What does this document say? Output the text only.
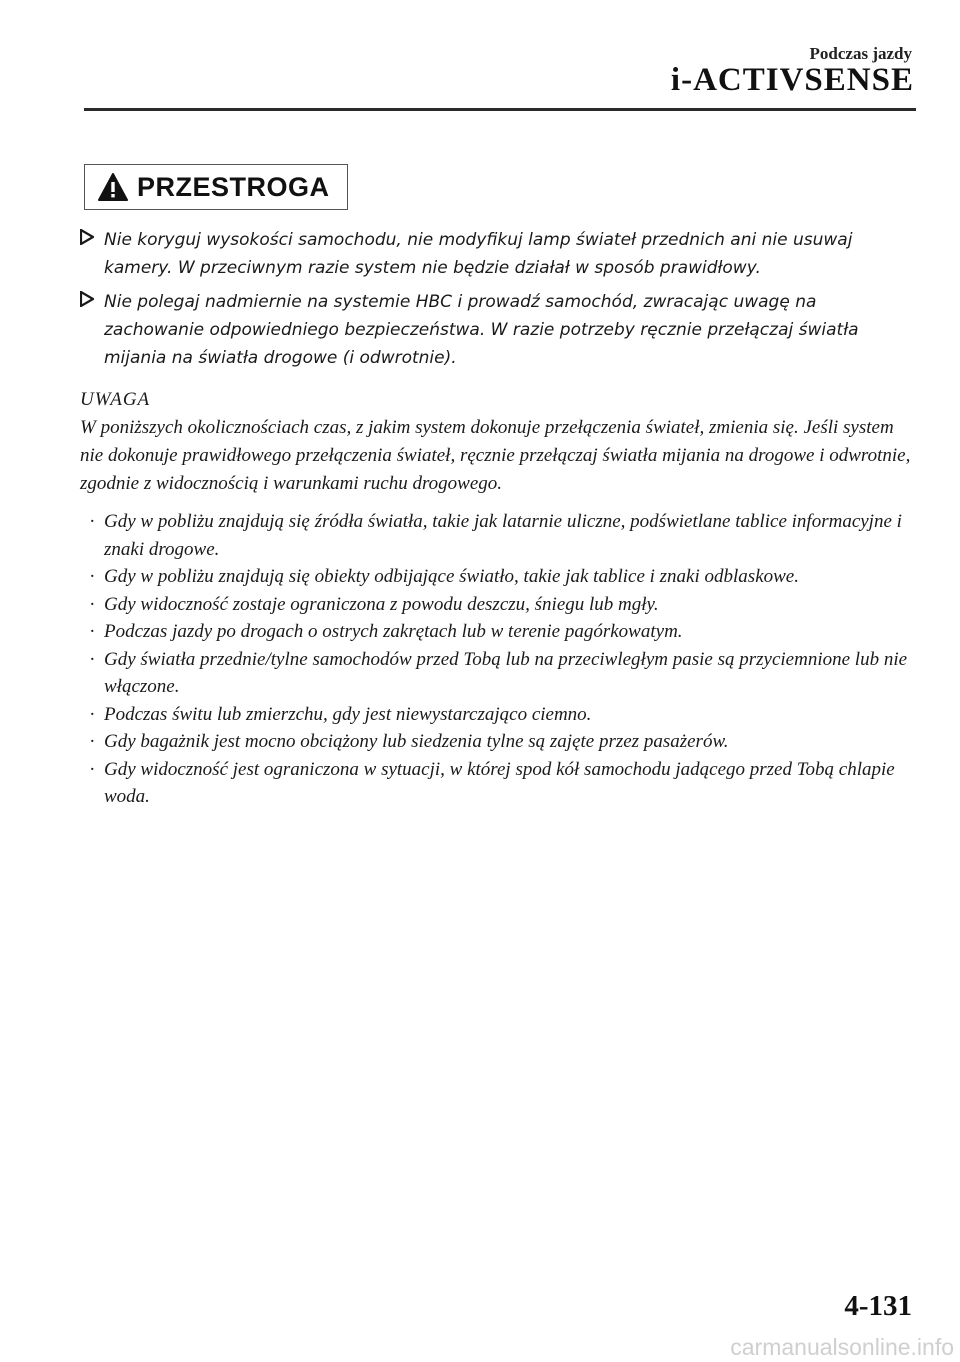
Podczas jazdy
i-ACTIVSENSE
PRZESTROGA
Nie koryguj wysokości samochodu, nie modyfikuj lamp świateł przednich ani nie usuwaj kamery. W przeciwnym razie system nie będzie działał w sposób prawidłowy.
Nie polegaj nadmiernie na systemie HBC i prowadź samochód, zwracając uwagę na zachowanie odpowiedniego bezpieczeństwa. W razie potrzeby ręcznie przełączaj światła mijania na światła drogowe (i odwrotnie).
UWAGA
W poniższych okolicznościach czas, z jakim system dokonuje przełączenia świateł, zmienia się. Jeśli system nie dokonuje prawidłowego przełączenia świateł, ręcznie przełączaj światła mijania na drogowe i odwrotnie, zgodnie z widocznością i warunkami ruchu drogowego.
· Gdy w pobliżu znajdują się źródła światła, takie jak latarnie uliczne, podświetlane tablice informacyjne i znaki drogowe.
· Gdy w pobliżu znajdują się obiekty odbijające światło, takie jak tablice i znaki odblaskowe.
· Gdy widoczność zostaje ograniczona z powodu deszczu, śniegu lub mgły.
· Podczas jazdy po drogach o ostrych zakrętach lub w terenie pagórkowatym.
· Gdy światła przednie/tylne samochodów przed Tobą lub na przeciwległym pasie są przyciemnione lub nie włączone.
· Podczas świtu lub zmierzchu, gdy jest niewystarczająco ciemno.
· Gdy bagażnik jest mocno obciążony lub siedzenia tylne są zajęte przez pasażerów.
· Gdy widoczność jest ograniczona w sytuacji, w której spod kół samochodu jadącego przed Tobą chlapie woda.
4-131
carmanualsonline.info
